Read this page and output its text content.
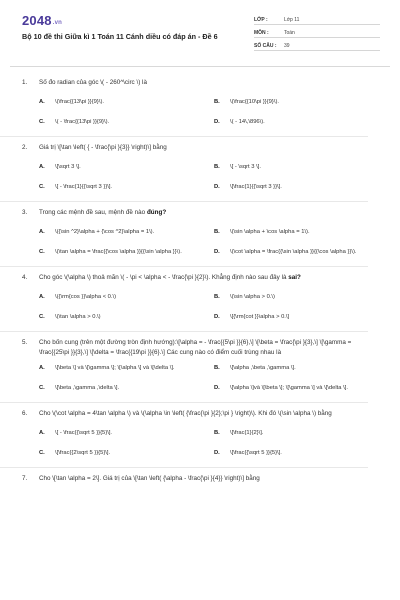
2048.vn
Bộ 10 đề thi Giữa kì 1 Toán 11 Cánh diều có đáp án - Đề 6
LỚP :	Lớp 11
MÔN :	Toán
SỐ CÂU :	39
1.	Số đo radian của góc \( - 260^\circ \) là
A.	\(\frac{{13\pi }}{9}\).	B.	\(\frac{{10\pi }}{9}\).
C.	\( - \frac{{13\pi }}{9}\).	D.	\( - 14\,\896\).
2.	Giá trị \[\tan \left( { - \frac{\pi }{3}} \right)\] bằng
A.	\[\sqrt 3 \].	B.	\[ - \sqrt 3 \].
C.	\[ - \frac{1}{{\sqrt 3 }}\].	D.	\[\frac{1}{{\sqrt 3 }}\].
3.	Trong các mệnh đề sau, mệnh đề nào đúng?
A.	\({\sin ^2}\alpha + {\cos ^2}\alpha = 1\).	B.	\(\sin \alpha + \cos \alpha = 1\).
C.	\(\tan \alpha = \frac{{\cos \alpha }}{{\sin \alpha }}\).	D.	\(\cot \alpha = \frac{{\sin \alpha }}{{\cos \alpha }}\).
4.	Cho góc \(\alpha \) thoả mãn \( - \pi < \alpha < - \frac{\pi }{2}\). Khẳng định nào sau đây là sai?
A.	\({\rm{cos }}\alpha < 0.\)	B.	\(\sin \alpha > 0.\)
C.	\(\tan \alpha > 0.\)	D.	\[{\rm{cot }}\alpha > 0.\]
5.	Cho bốn cung (trên một đường tròn định hướng):\[\alpha = - \frac{{5\pi }}{6},\] \[\beta = \frac{\pi }{3},\] \[\gamma = \frac{{25\pi }}{3},\] \[\delta = \frac{{19\pi }}{6}.\] Các cung nào có điểm cuối trùng nhau là
A.	\[\beta \] và \[\gamma \]; \[\alpha \] và \[\delta \].	B.	\[\alpha ,\beta ,\gamma \].
C.	\[\beta ,\gamma ,\delta \].	D.	\[\alpha \]và \[\beta \]; \[\gamma \] và \[\delta \].
6.	Cho \(\cot \alpha = 4\tan \alpha \) và \(\alpha \in \left( {\frac{\pi }{2};\pi } \right)\). Khi đó \(\sin \alpha \) bằng
A.	\[ - \frac{{\sqrt 5 }}{5}\].	B.	\[\frac{1}{2}\].
C.	\[\frac{{2\sqrt 5 }}{5}\].	D.	\[\frac{{\sqrt 5 }}{5}\].
7.	Cho \[\tan \alpha = 2\]. Giá trị của \[\tan \left( {\alpha - \frac{\pi }{4}} \right)\] bằng
